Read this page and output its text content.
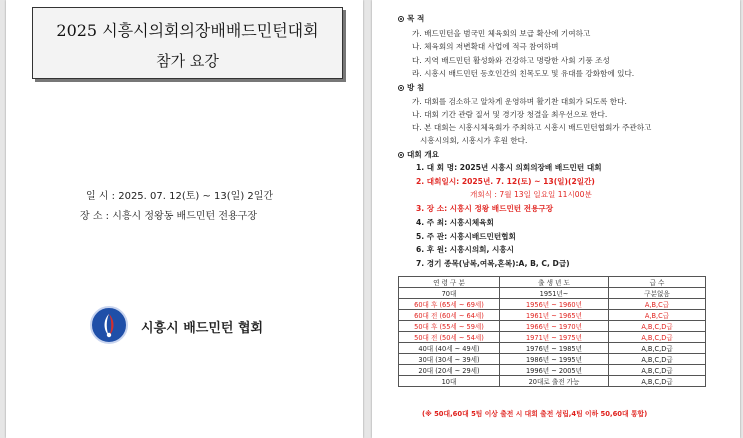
2025 시흥시의회의장배배드민턴대회
참가 요강
일 시 : 2025. 07. 12(토) ~ 13(일) 2일간
장 소 : 시흥시 정왕동 배드민턴 전용구장
시흥시 배드민턴 협회
목 적
가. 배드민턴을 범국민 체육회의 보급 확산에 기여하고
나. 체육회의 저변확대 사업에 적극 참여하며
다. 지역 배드민턴 활성화와 건강하고 명랑한 사회 기풍 조성
라. 시흥시 배드민턴 동호인간의 친목도모 및 유대를 강화함에 있다.
방 침
가. 대회를 검소하고 알차게 운영하며 활기찬 대회가 되도록 한다.
나. 대회 기간 관람 질서 및 경기장 청결을 최우선으로 한다.
다. 본 대회는 시흥시체육회가 주최하고 시흥시 배드민턴협회가 주관하고
시흥시의회, 시흥시가 후원 한다.
대회 개요
1. 대 회 명: 2025년 시흥시 의회의장배 배드민턴 대회
2. 대회일시: 2025년. 7. 12(토) ~ 13(일)(2일간)
개회식 : 7월 13일 일요일 11시00분
3. 장 소: 시흥시 정왕 배드민턴 전용구장
4. 주 최: 시흥시체육회
5. 주 관: 시흥시배드민턴협회
6. 후 원: 시흥시의회, 시흥시
7. 경기 종목(남복,여복,혼복):A, B, C, D급)
연 령 구 분	출 생 년 도	급 수
70대	1951년~	구분없음
60대 후 (65세 ~ 69세)	1956년 ~ 1960년	A,B,C급
60대 전 (60세 ~ 64세)	1961년 ~ 1965년	A,B,C급
50대 후 (55세 ~ 59세)	1966년 ~ 1970년	A,B,C,D급
50대 전 (50세 ~ 54세)	1971년 ~ 1975년	A,B,C,D급
40대 (40세 ~ 49세)	1976년 ~ 1985년	A,B,C,D급
30대 (30세 ~ 39세)	1986년 ~ 1995년	A,B,C,D급
20대 (20세 ~ 29세)	1996년 ~ 2005년	A,B,C,D급
10대	20대로 출전 가능	A,B,C,D급
(※ 50대,60대 5팀 이상 출전 시 대회 출전 성립,4팀 이하 50,60대 통합)
